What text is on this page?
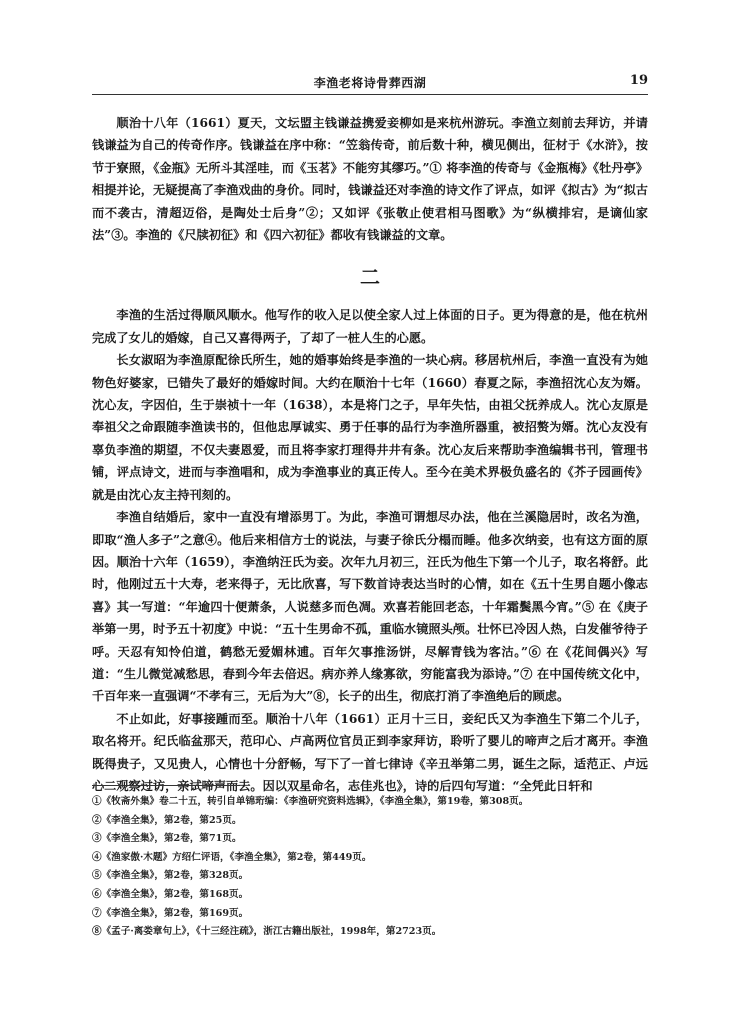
李渔老将诗骨葬西湖	19

顺治十八年（1661）夏天，文坛盟主钱谦益携爱妾柳如是来杭州游玩。李渔立刻前去拜访，并请钱谦益为自己的传奇作序。钱谦益在序中称：“笠翁传奇，前后数十种，横见侧出，征材于《水浒》，按节于寮照，《金瓶》无所斗其淫哇，而《玉茗》不能穷其缪巧。”① 将李渔的传奇与《金瓶梅》《牡丹亭》相提并论，无疑提高了李渔戏曲的身价。同时，钱谦益还对李渔的诗文作了评点，如评《拟古》为“拟古而不袭古，清超迈俗，是陶处士后身”②；又如评《张敬止使君相马图歌》为“纵横排宕，是谪仙家法”③。李渔的《尺牍初征》和《四六初征》都收有钱谦益的文章。

二

李渔的生活过得顺风顺水。他写作的收入足以使全家人过上体面的日子。更为得意的是，他在杭州完成了女儿的婚嫁，自己又喜得两子，了却了一桩人生的心愿。

长女淑昭为李渔原配徐氏所生，她的婚事始终是李渔的一块心病。移居杭州后，李渔一直没有为她物色好婆家，已错失了最好的婚嫁时间。大约在顺治十七年（1660）春夏之际，李渔招沈心友为婿。沈心友，字因伯，生于崇祯十一年（1638），本是将门之子，早年失怙，由祖父抚养成人。沈心友原是奉祖父之命跟随李渔读书的，但他忠厚诚实、勇于任事的品行为李渔所器重，被招赘为婿。沈心友没有辜负李渔的期望，不仅夫妻恩爱，而且将李家打理得井井有条。沈心友后来帮助李渔编辑书刊，管理书铺，评点诗文，进而与李渔唱和，成为李渔事业的真正传人。至今在美术界极负盛名的《芥子园画传》就是由沈心友主持刊刻的。

李渔自结婚后，家中一直没有增添男丁。为此，李渔可谓想尽办法，他在兰溪隐居时，改名为渔，即取“渔人多子”之意④。他后来相信方士的说法，与妻子徐氏分榻而睡。他多次纳妾，也有这方面的原因。顺治十六年（1659），李渔纳汪氏为妾。次年九月初三，汪氏为他生下第一个儿子，取名将舒。此时，他刚过五十大寿，老来得子，无比欣喜，写下数首诗表达当时的心情，如在《五十生男自题小像志喜》其一写道：“年逾四十便萧条，人说慈多而色凋。欢喜若能回老态，十年霜鬓黑今宵。”⑤ 在《庚子举第一男，时予五十初度》中说：“五十生男命不孤，重临水镜照头颅。壮怀已冷因人热，白发催爷待子呼。天忍有知怜伯道，鹤愁无爱媚林逋。百年欠事推汤饼，尽解青钱为客沽。”⑥ 在《花间偶兴》写道：“生儿微觉减愁思，春到今年去倍迟。病亦养人缘寡欲，穷能富我为添诗。”⑦ 在中国传统文化中，千百年来一直强调“不孝有三，无后为大”⑧，长子的出生，彻底打消了李渔绝后的顾虑。

不止如此，好事接踵而至。顺治十八年（1661）正月十三日，妾纪氏又为李渔生下第二个儿子，取名将开。纪氏临盆那天，范印心、卢高两位官员正到李家拜访，聆听了婴儿的啼声之后才离开。李渔既得贵子，又见贵人，心情也十分舒畅，写下了一首七律诗《辛丑举第二男，诞生之际，适范正、卢远心二观察过访，亲试啼声而去。因以双星命名，志佳兆也》，诗的后四句写道：“全凭此日轩和

①《牧斋外集》卷二十五，转引自单锦珩编：《李渔研究资料选辑》，《李渔全集》，第19卷，第308页。
②《李渔全集》，第2卷，第25页。
③《李渔全集》，第2卷，第71页。
④《渔家傲·木题》方绍仁评语，《李渔全集》，第2卷，第449页。
⑤《李渔全集》，第2卷，第328页。
⑥《李渔全集》，第2卷，第168页。
⑦《李渔全集》，第2卷，第169页。
⑧《孟子·离娄章句上》，《十三经注疏》，浙江古籍出版社，1998年，第2723页。
